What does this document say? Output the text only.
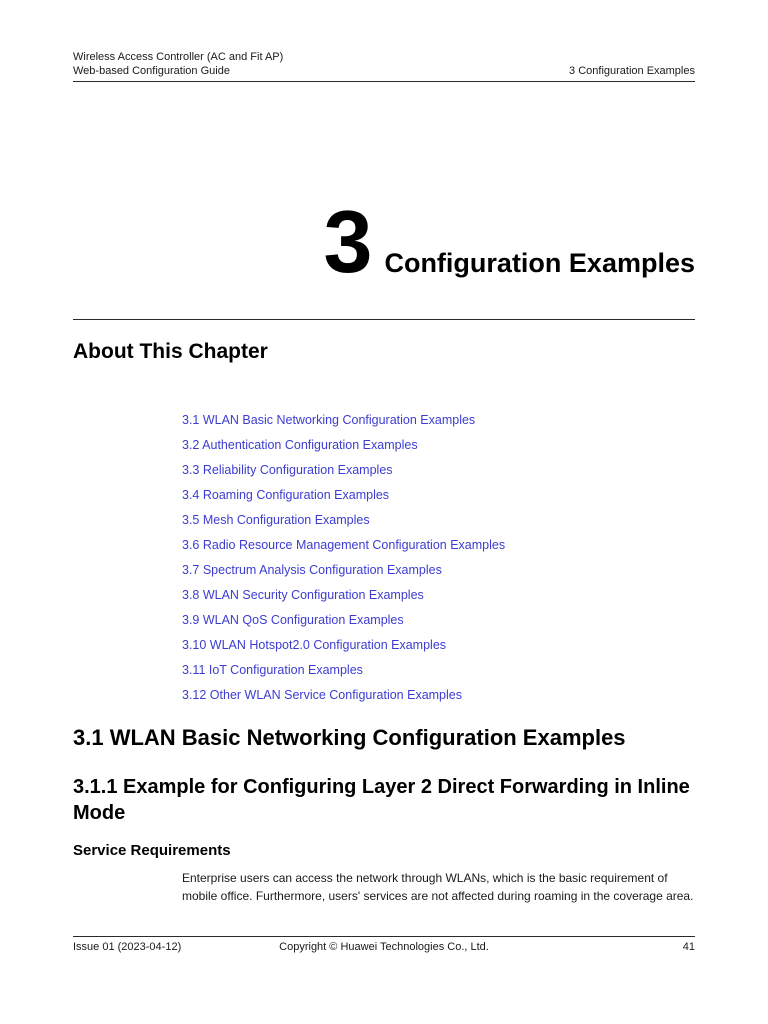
Wireless Access Controller (AC and Fit AP)
Web-based Configuration Guide	3 Configuration Examples
3 Configuration Examples
About This Chapter
3.1 WLAN Basic Networking Configuration Examples
3.2 Authentication Configuration Examples
3.3 Reliability Configuration Examples
3.4 Roaming Configuration Examples
3.5 Mesh Configuration Examples
3.6 Radio Resource Management Configuration Examples
3.7 Spectrum Analysis Configuration Examples
3.8 WLAN Security Configuration Examples
3.9 WLAN QoS Configuration Examples
3.10 WLAN Hotspot2.0 Configuration Examples
3.11 IoT Configuration Examples
3.12 Other WLAN Service Configuration Examples
3.1 WLAN Basic Networking Configuration Examples
3.1.1 Example for Configuring Layer 2 Direct Forwarding in Inline Mode
Service Requirements

Enterprise users can access the network through WLANs, which is the basic requirement of mobile office. Furthermore, users' services are not affected during roaming in the coverage area.

Issue 01 (2023-04-12)	Copyright © Huawei Technologies Co., Ltd.	41
